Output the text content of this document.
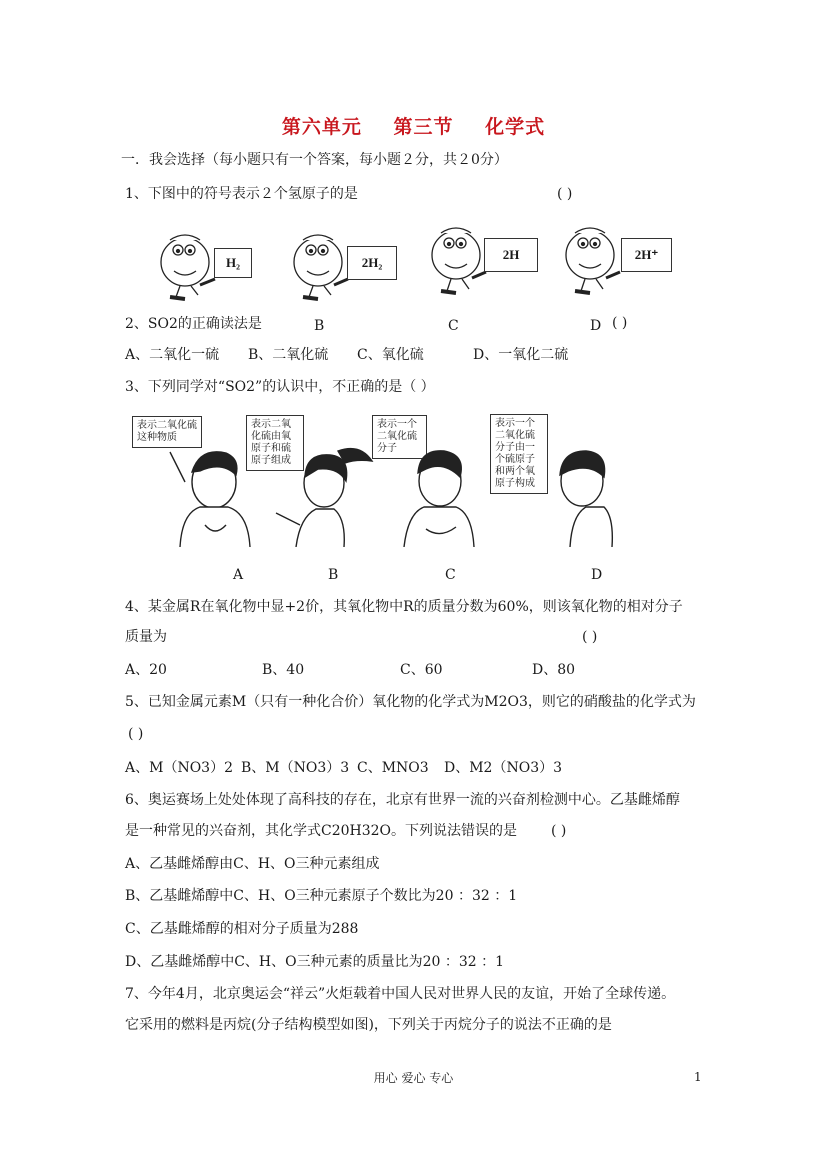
第六单元 第三节 化学式
一．我会选择（每小题只有一个答案，每小题２分，共２0分）
1、下图中的符号表示２个氢原子的是	( )
H₂	2H₂
2H	2H⁺
2、SO2的正确读法是	B	C	D ( )
A、二氧化一硫 B、二氧化硫 C、氧化硫	D、一氧化二硫
3、下列同学对“SO2”的认识中，不正确的是（ ）
表示二氧化硫这种物质
表示二氧化硫由氧原子和硫原子组成
表示一个二氧化硫分子
表示一个二氧化硫分子由一个硫原子和两个氧原子构成
A	B	C	D
4、某金属R在氧化物中显+2价，其氧化物中R的质量分数为60%，则该氧化物的相对分子
质量为	( )
A、20	B、40	C、60	D、80
5、已知金属元素M（只有一种化合价）氧化物的化学式为M2O3，则它的硝酸盐的化学式为
( )
A、M（NO3）2 B、M（NO3）3 C、MNO3 D、M2（NO3）3
6、奥运赛场上处处体现了高科技的存在，北京有世界一流的兴奋剂检测中心。乙基雌烯醇
是一种常见的兴奋剂，其化学式C20H32O。下列说法错误的是 ( )
A、乙基雌烯醇由C、H、O三种元素组成
B、乙基雌烯醇中C、H、O三种元素原子个数比为20 ：32 ：1
C、乙基雌烯醇的相对分子质量为288
D、乙基雌烯醇中C、H、O三种元素的质量比为20 ：32 ：1
7、今年4月，北京奥运会“祥云”火炬载着中国人民对世界人民的友谊，开始了全球传递。
它采用的燃料是丙烷(分子结构模型如图)，下列关于丙烷分子的说法不正确的是
用心 爱心 专心	1
